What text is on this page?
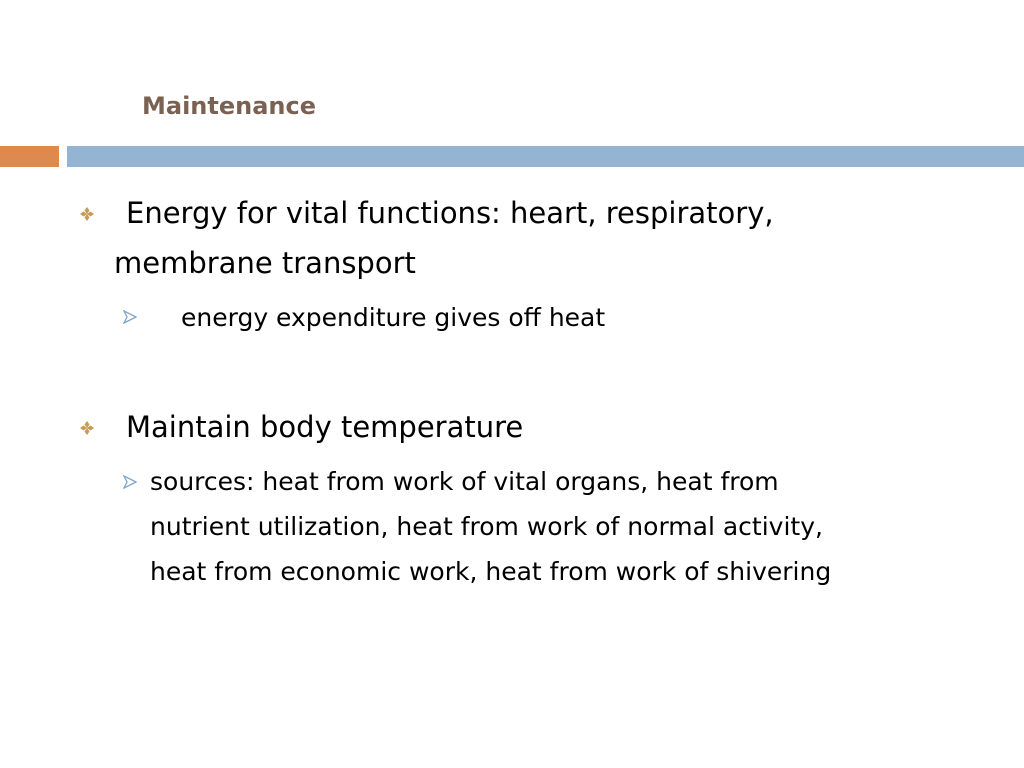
Maintenance
Energy for vital functions: heart, respiratory,
membrane transport
energy expenditure gives off heat
Maintain body temperature
sources: heat from work of vital organs, heat from
nutrient utilization, heat from work of normal activity,
heat from economic work, heat from work of shivering
